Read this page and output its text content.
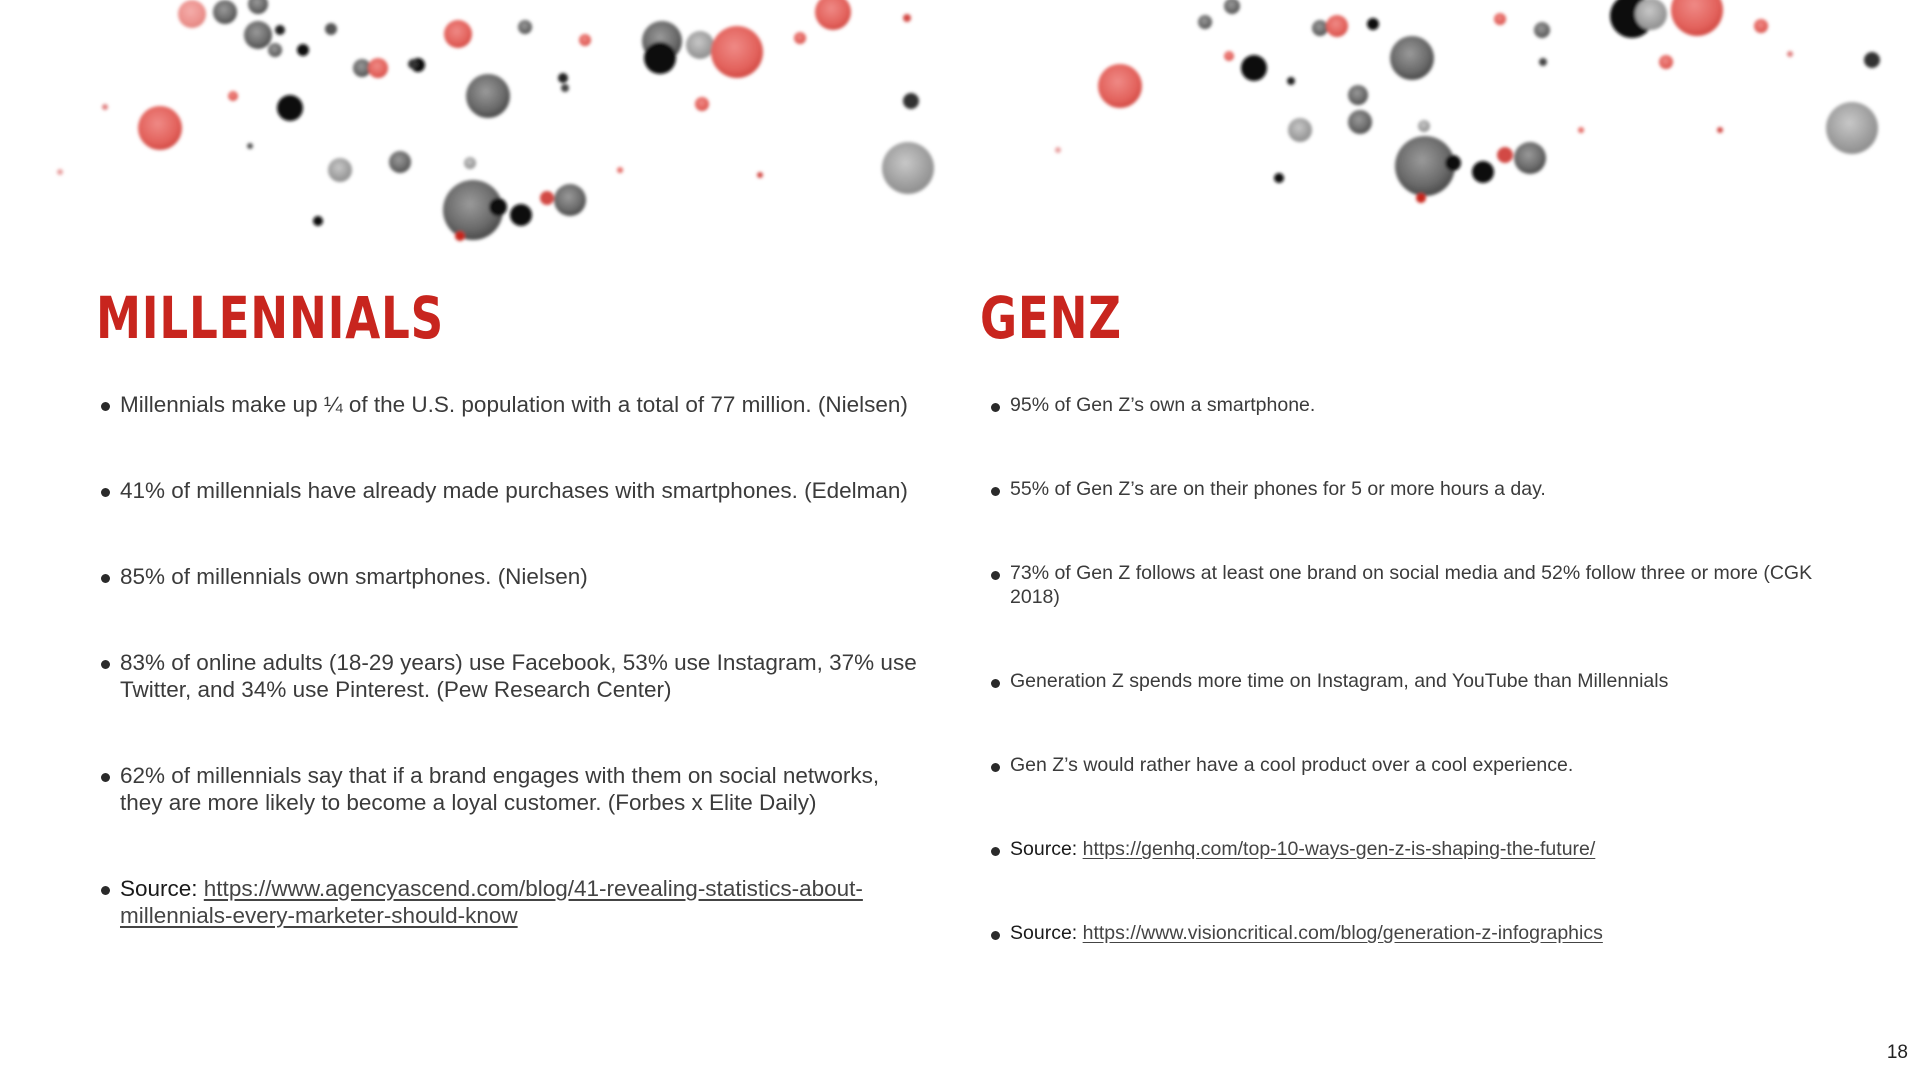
MILLENNIALS	GENZ
Millennials make up ¼ of the U.S. population with a total of 77 million. (Nielsen)
41% of millennials have already made purchases with smartphones. (Edelman)
85% of millennials own smartphones. (Nielsen)
83% of online adults (18-29 years) use Facebook, 53% use Instagram, 37% use Twitter, and 34% use Pinterest. (Pew Research Center)
62% of millennials say that if a brand engages with them on social networks, they are more likely to become a loyal customer. (Forbes x Elite Daily)
Source: https://www.agencyascend.com/blog/41-revealing-statistics-about-millennials-every-marketer-should-know
95% of Gen Z’s own a smartphone.
55% of Gen Z’s are on their phones for 5 or more hours a day.
73% of Gen Z follows at least one brand on social media and 52% follow three or more (CGK 2018)
Generation Z spends more time on Instagram, and YouTube than Millennials
Gen Z’s would rather have a cool product over a cool experience.
Source: https://genhq.com/top-10-ways-gen-z-is-shaping-the-future/
Source: https://www.visioncritical.com/blog/generation-z-infographics
18
